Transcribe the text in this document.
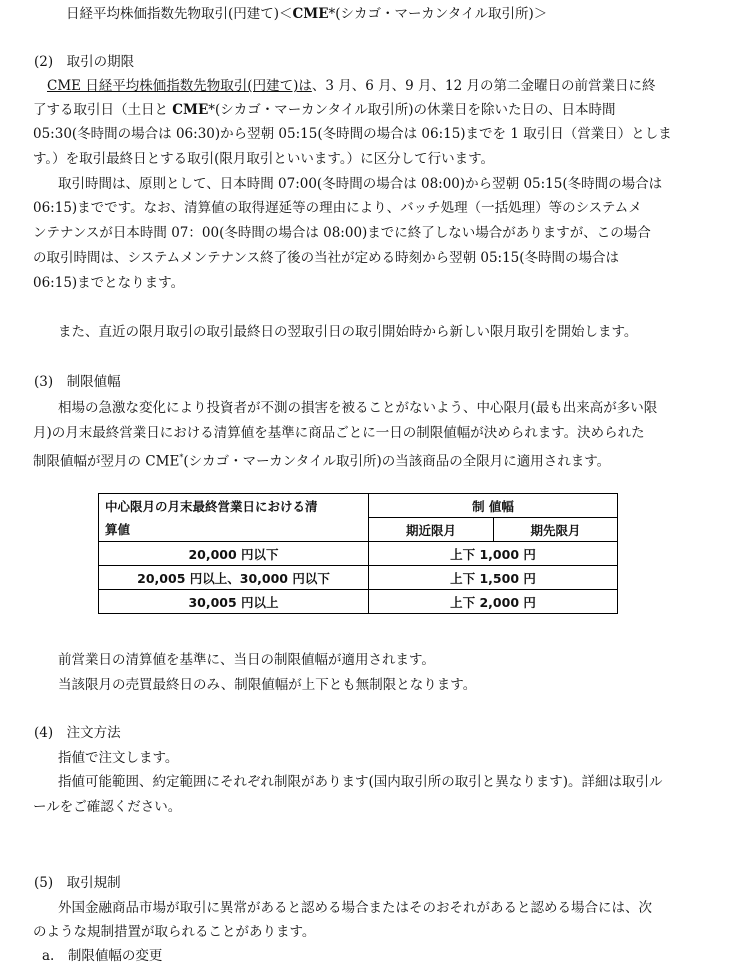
日経平均株価指数先物取引(円建て)＜CME*(シカゴ・マーカンタイル取引所)＞
(2)　取引の期限
CME 日経平均株価指数先物取引(円建て)は、3 月、6 月、9 月、12 月の第二金曜日の前営業日に終
了する取引日（土日と CME*(シカゴ・マーカンタイル取引所)の休業日を除いた日の、日本時間
05:30(冬時間の場合は 06:30)から翌朝 05:15(冬時間の場合は 06:15)までを 1 取引日（営業日）としま
す。）を取引最終日とする取引(限月取引といいます。）に区分して行います。
取引時間は、原則として、日本時間 07:00(冬時間の場合は 08:00)から翌朝 05:15(冬時間の場合は
06:15)までです。なお、清算値の取得遅延等の理由により、バッチ処理（一括処理）等のシステムメ
ンテナンスが日本時間 07：00(冬時間の場合は 08:00)までに終了しない場合がありますが、この場合
の取引時間は、システムメンテナンス終了後の当社が定める時刻から翌朝 05:15(冬時間の場合は
06:15)までとなります。
また、直近の限月取引の取引最終日の翌取引日の取引開始時から新しい限月取引を開始します。
(3)　制限値幅
相場の急激な変化により投資者が不測の損害を被ることがないよう、中心限月(最も出来高が多い限
月)の月末最終営業日における清算値を基準に商品ごとに一日の制限値幅が決められます。決められた
制限値幅が翌月の CME*(シカゴ・マーカンタイル取引所)の当該商品の全限月に適用されます。
中心限月の月末最終営業日における清	制 値幅	
算値	期近限月	期先限月
20,000 円以下	上下 1,000 円	
20,005 円以上、30,000 円以下	上下 1,500 円	
30,005 円以上	上下 2,000 円	
前営業日の清算値を基準に、当日の制限値幅が適用されます。
当該限月の売買最終日のみ、制限値幅が上下とも無制限となります。
(4)　注文方法
指値で注文します。
指値可能範囲、約定範囲にそれぞれ制限があります(国内取引所の取引と異なります)。詳細は取引ル
ールをご確認ください。
(5)　取引規制
外国金融商品市場が取引に異常があると認める場合またはそのおそれがあると認める場合には、次
のような規制措置が取られることがあります。
a.　制限値幅の変更
